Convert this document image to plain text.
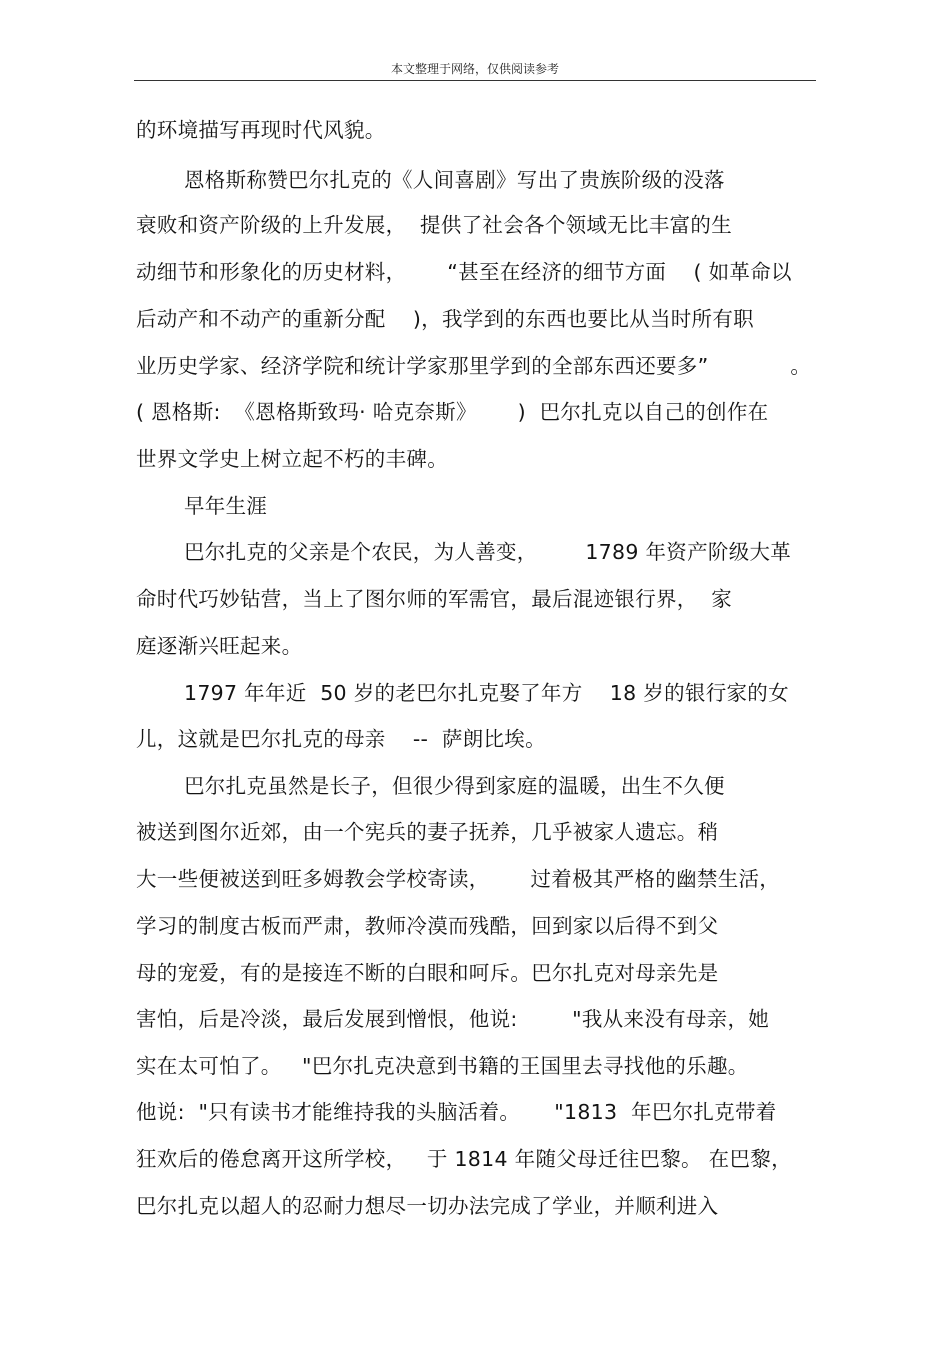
本文整理于网络，仅供阅读参考
的环境描写再现时代风貌。
恩格斯称赞巴尔扎克的《人间喜剧》写出了贵族阶级的没落
衰败和资产阶级的上升发展，  提供了社会各个领域无比丰富的生
动细节和形象化的历史材料，      “甚至在经济的细节方面    ( 如革命以
后动产和不动产的重新分配    )，我学到的东西也要比从当时所有职
业历史学家、经济学院和统计学家那里学到的全部东西还要多”            。
( 恩格斯:  《恩格斯致玛· 哈克奈斯》      )  巴尔扎克以自己的创作在
世界文学史上树立起不朽的丰碑。
早年生涯
巴尔扎克的父亲是个农民，为人善变，       1789 年资产阶级大革
命时代巧妙钻营，当上了图尔师的军需官，最后混迹银行界，  家
庭逐渐兴旺起来。
1797 年年近  50 岁的老巴尔扎克娶了年方    18 岁的银行家的女
儿，这就是巴尔扎克的母亲    --  萨朗比埃。
巴尔扎克虽然是长子，但很少得到家庭的温暖，出生不久便
被送到图尔近郊，由一个宪兵的妻子抚养，几乎被家人遗忘。稍
大一些便被送到旺多姆教会学校寄读，      过着极其严格的幽禁生活，
学习的制度古板而严肃，教师冷漠而残酷，回到家以后得不到父
母的宠爱，有的是接连不断的白眼和呵斥。巴尔扎克对母亲先是
害怕，后是冷淡，最后发展到憎恨，他说:        "我从来没有母亲，她
实在太可怕了。   "巴尔扎克决意到书籍的王国里去寻找他的乐趣。
他说:  "只有读书才能维持我的头脑活着。     "1813  年巴尔扎克带着
狂欢后的倦怠离开这所学校，   于 1814 年随父母迁往巴黎。 在巴黎，
巴尔扎克以超人的忍耐力想尽一切办法完成了学业，并顺利进入
